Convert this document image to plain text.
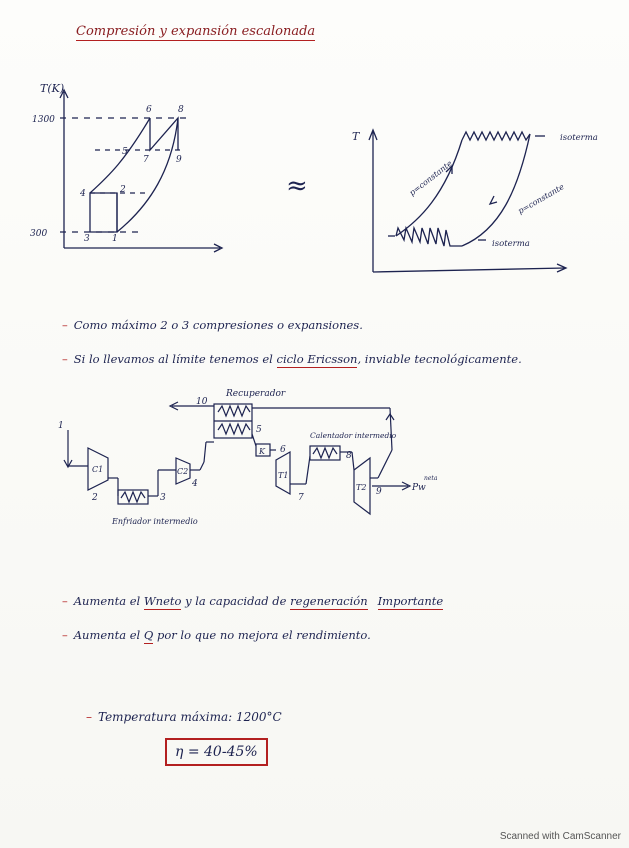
Compresión y expansión escalonada
T(K)
1300
300	1
2
3
4
5
6
7
8
9
≈
T	isoterma
isoterma
p=constante
p=constante
Recuperador
Enfriador intermedio
Calentador intermedio
C1	C2	T1
T2
K
Pw
neta
1
2	3
4
5
6
7
8
9
10
– Como máximo 2 o 3 compresiones o expansiones.
– Si lo llevamos al límite tenemos el ciclo Ericsson, inviable tecnológicamente.
– Aumenta el Wneto y la capacidad de regeneración Importante
– Aumenta el Q por lo que no mejora el rendimiento.
– Temperatura máxima: 1200°C
η = 40-45%
Scanned with CamScanner
